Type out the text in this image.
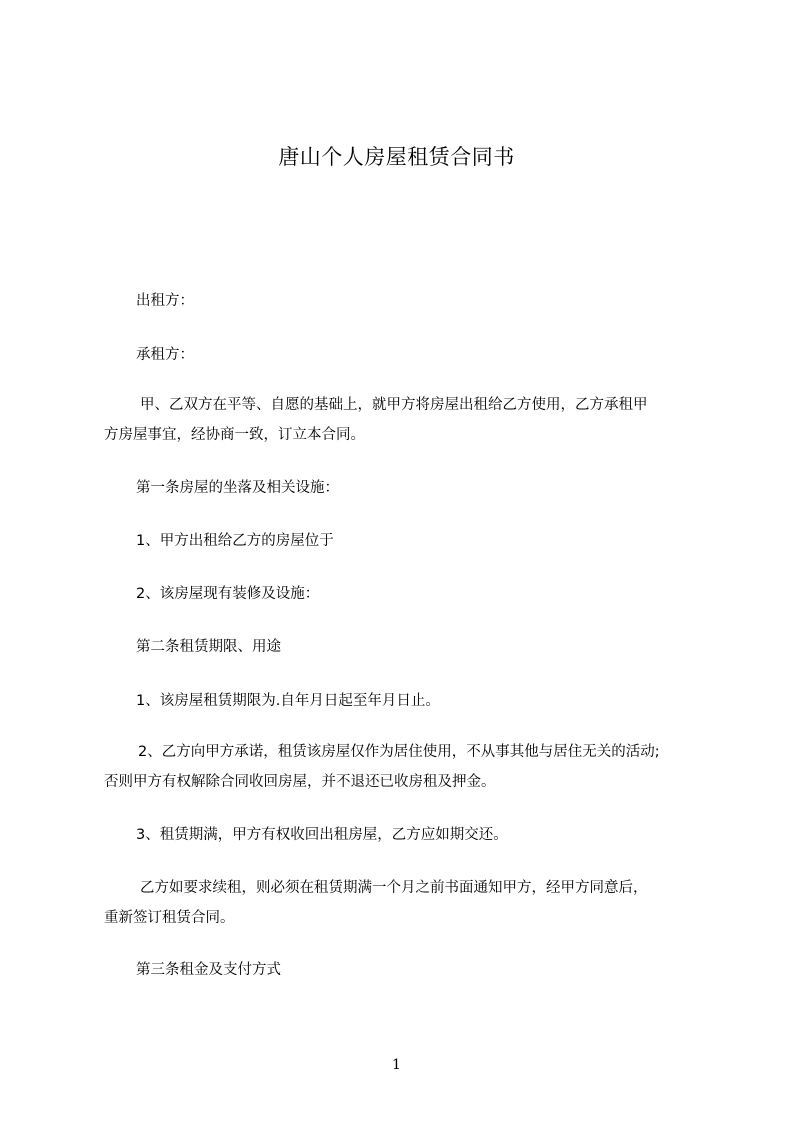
唐山个人房屋租赁合同书
出租方：
承租方：
甲、乙双方在平等、自愿的基础上，就甲方将房屋出租给乙方使用，乙方承租甲
方房屋事宜，经协商一致，订立本合同。
第一条房屋的坐落及相关设施：
1、甲方出租给乙方的房屋位于
2、该房屋现有装修及设施：
第二条租赁期限、用途
1、该房屋租赁期限为.自年月日起至年月日止。
2、乙方向甲方承诺，租赁该房屋仅作为居住使用，不从事其他与居住无关的活动;
否则甲方有权解除合同收回房屋，并不退还已收房租及押金。
3、租赁期满，甲方有权收回出租房屋，乙方应如期交还。
乙方如要求续租，则必须在租赁期满一个月之前书面通知甲方，经甲方同意后，
重新签订租赁合同。
第三条租金及支付方式
1
